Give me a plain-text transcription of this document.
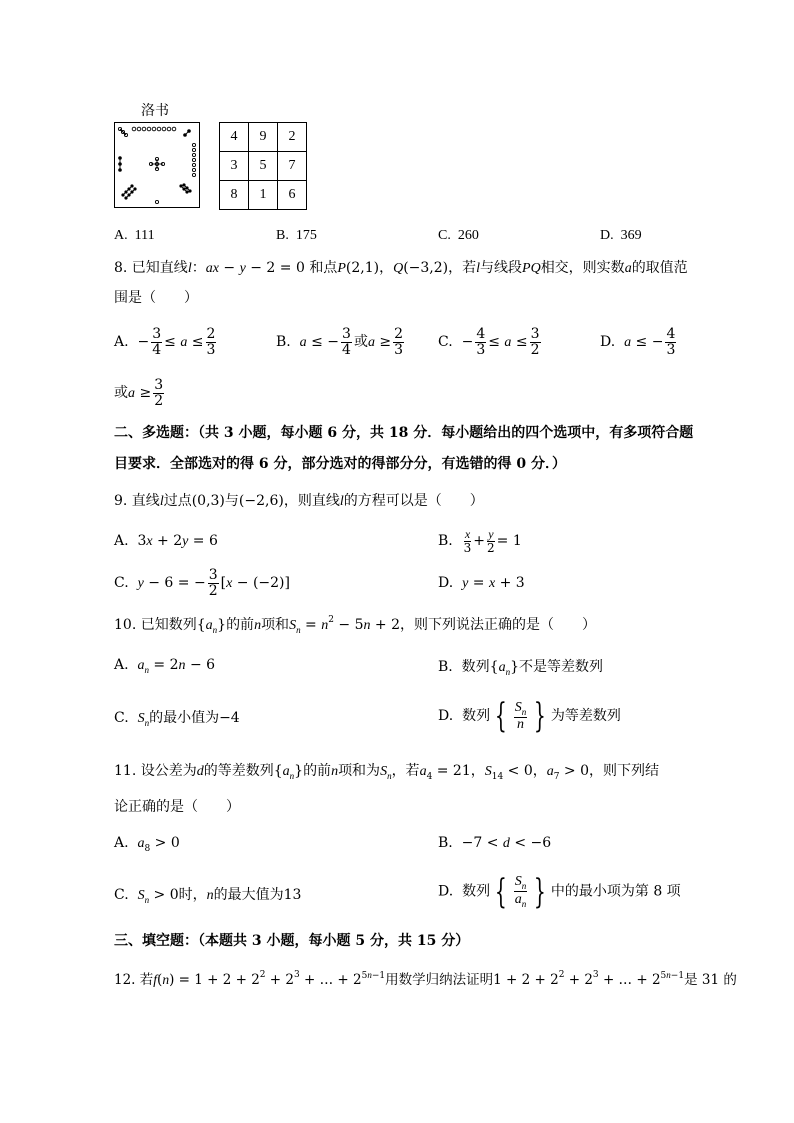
洛书
4	9	2
3	5	7
8	1	6
A. 111	B. 175	C. 260	D. 369
8. 已知直线l：ax − y − 2 = 0 和点P(2,1)，Q(−3,2)，若l与线段PQ相交，则实数a的取值范
围是（　　）
A.  − $\frac{3}{4} \le a \le \frac{2}{3}$	B. a ≤ − $\frac{3}{4}$ 或$a \ge \frac{2}{3} C$.  − $\frac{4}{3} \le a \le \frac{3}{2}$	D. a ≤ − $\frac{4}{3}$
或$a \ge \frac{3}{2}$
二、多选题：（共 3 小题，每小题 6 分，共 18 分．每小题给出的四个选项中，有多项符合题
目要求．全部选对的得 6 分，部分选对的得部分分，有选错的得 0 分．）
9. 直线l过点(0,3)与(−2,6)，则直线l的方程可以是（　　）
A.  3x + 2y = 6	B. $\frac{x}{3} + \frac{y}{2} = 1$
C. y − 6 = − $\frac{3}{2} [x - (-2)]$	D. y = x + 3
10. 已知数列$\{a_n\}$的前n项和$S_n = n^2 - 5n + 2$，则下列说法正确的是（　　）
A. $a_n = 2n - 6$	B. 数列$\{a_n\}$不是等差数列
C. $S_n$的最小值为−4	D. 数列 { $\frac{S_n}{n}$ } 为等差数列
11. 设公差为d的等差数列$\{a_n\}$的前n项和为$S_n$，若$a_4 = 21$，$S_{14} < 0$，$a_7 > 0$，则下列结
论正确的是（　　）
A. $a_8 > 0$	B.  −7 < d < −6
C. $S_n > 0$时，n的最大值为13	D. 数列 { $\frac{S_n}{a_n}$ } 中的最小项为第 8 项
三、填空题：（本题共 3 小题，每小题 5 分，共 15 分）
12. 若$f(n) = 1 + 2 + 2^2 + 2^3$ + … + $2^{5n-1}$用数学归纳法证明$1 + 2 + 2^2 + 2^3$ + … + $2^{5n-1}$是 31 的
